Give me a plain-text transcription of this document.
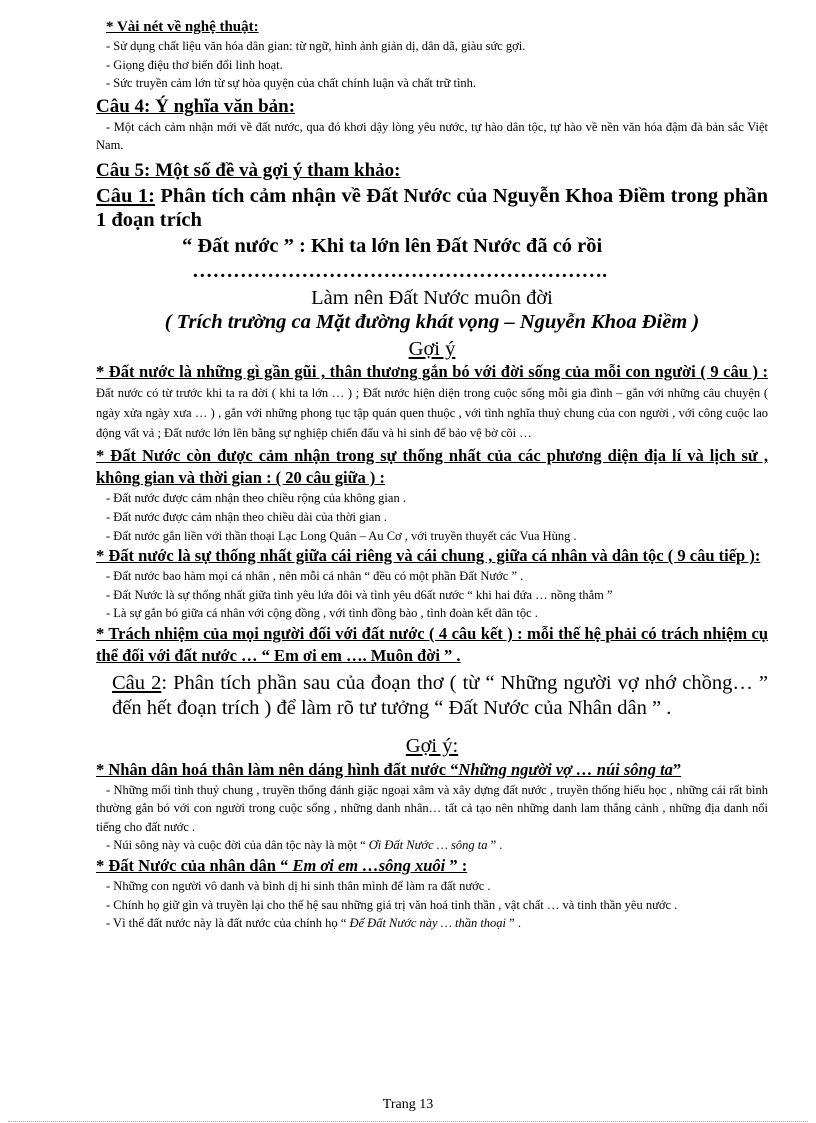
* Vài nét về nghệ thuật:

- Sử dụng chất liệu văn hóa dân gian: từ ngữ, hình ảnh giản dị, dân dã, giàu sức gợi.

- Giọng điệu thơ biến đổi linh hoạt.

- Sức truyền cảm lớn từ sự hòa quyện của chất chính luận và chất trữ tình.

Câu 4: Ý nghĩa văn bản:

- Một cách cảm nhận mới về đất nước, qua đó khơi dậy lòng yêu nước, tự hào dân tộc, tự hào về nền văn hóa đậm đà bản sắc Việt Nam.

Câu 5: Một số đề và gợi ý tham khảo:

Câu 1: Phân tích cảm nhận về Đất Nước của Nguyễn Khoa Điềm trong phần 1 đoạn trích

“ Đất nước ” : Khi ta lớn lên Đất Nước đã có rồi

…………………………………………………….

Làm nên Đất Nước muôn đời

( Trích trường ca Mặt đường khát vọng – Nguyễn Khoa Điềm )

Gợi ý

* Đất nước là những gì gần gũi , thân thương gắn bó với đời sống của mỗi con người ( 9 câu ) : Đất nước có từ trước khi ta ra đời ( khi ta lớn … ) ; Đất nước hiện diện trong cuộc sống mỗi gia đình – gắn với những câu chuyện ( ngày xửa ngày xưa … ) , gắn với những phong tục tập quán quen thuộc , với tình nghĩa thuỷ chung của con người , với công cuộc lao động vất vả ; Đất nước lớn lên bằng sự nghiệp chiến đấu và hi sinh để bảo vệ bờ cõi …

* Đất Nước còn được cảm nhận trong sự thống nhất của các phương diện địa lí và lịch sử , không gian và thời gian : ( 20 câu giữa ) :

- Đất nước được cảm nhận theo chiều rộng của không gian .

- Đất nước được cảm nhận theo chiều dài của thời gian .

- Đất nước gắn liền với thần thoại Lạc Long Quân – Au Cơ , với truyền thuyết các Vua Hùng .

* Đất nước là sự thống nhất giữa cái riêng và cái chung , giữa cá nhân và dân tộc ( 9 câu tiếp ):

- Đất nước bao hàm mọi cá nhân , nên mỗi cá nhân “ đều có một phần Đất Nước ” .

- Đất Nước là sự thống nhất giữa tình yêu lứa đôi và tình yêu d6ất nước “ khi hai đứa … nồng thắm ”

- Là sự gắn bó giữa cá nhân với cộng đồng , với tình đồng bào , tình đoàn kết dân tộc .

* Trách nhiệm của mọi người đối với đất nước ( 4 câu kết ) : mỗi thế hệ phải có trách nhiệm cụ thể đối với đất nước … “ Em ơi em …. Muôn đời ” .

Câu 2: Phân tích phần sau của đoạn thơ ( từ “ Những người vợ nhớ chồng… ” đến hết đoạn trích ) để làm rõ tư tưởng “ Đất Nước của Nhân dân ” .

Gợi ý:

* Nhân dân hoá thân làm nên dáng hình đất nước “Những người vợ … núi sông ta”

- Những mối tình thuỷ chung , truyền thống đánh giặc ngoại xâm và xây dựng đất nước , truyền thống hiếu học , những cái rất bình thường gắn bó với con người trong cuộc sống , những danh nhân… tất cả tạo nên những danh lam thắng cảnh , những địa danh nổi tiếng cho đất nước .

- Núi sông này và cuộc đời của dân tộc này là một “ Ơi Đất Nước … sông ta ” .

* Đất Nước của nhân dân “ Em ơi em …sông xuôi ” :

- Những con người vô danh và bình dị hi sinh thân mình để làm ra đất nước .

- Chính họ giữ gìn và truyền lại cho thế hệ sau những giá trị văn hoá tinh thần , vật chất … và tinh thần yêu nước .

- Vì thế đất nước này là đất nước của chính họ “ Để Đất Nước này … thần thoại ” .

Trang 13
